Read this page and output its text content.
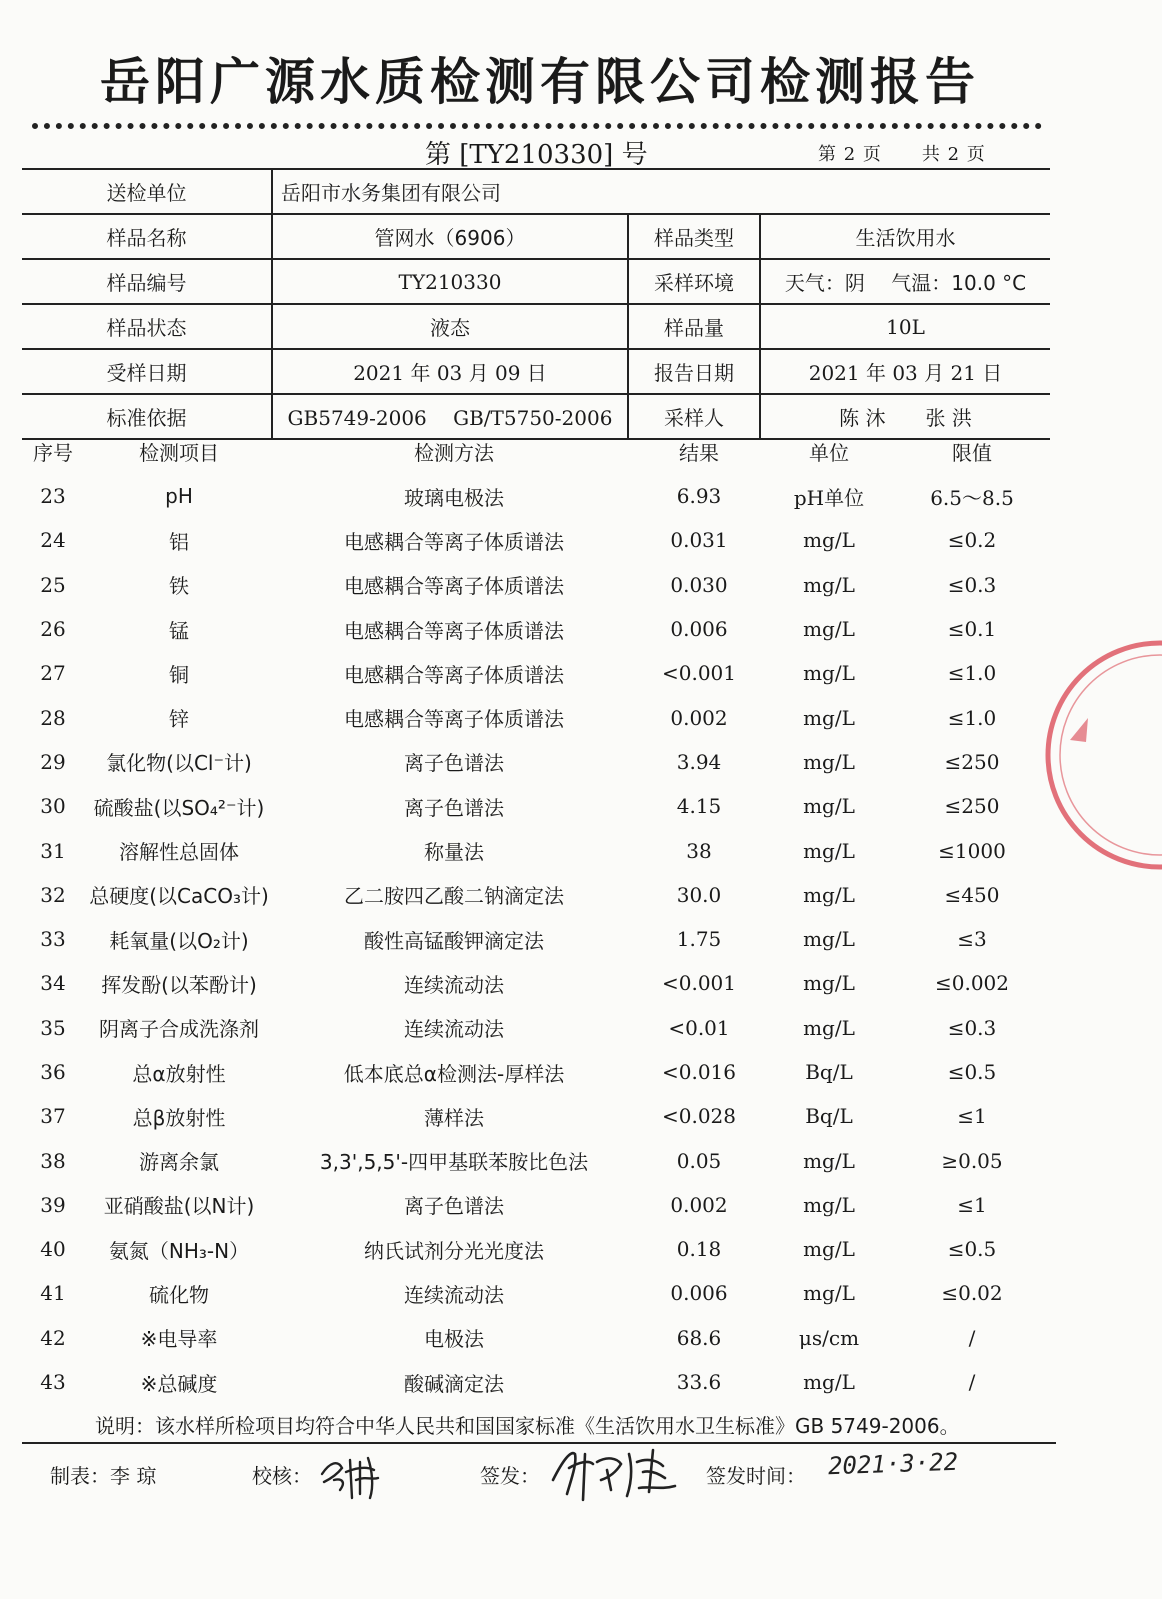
岳阳广源水质检测有限公司检测报告
第 [TY210330] 号	第 2 页 共 2 页
送检单位	岳阳市水务集团有限公司		
样品名称	管网水（6906）	样品类型	生活饮用水
样品编号	TY210330	采样环境	天气：阴　 气温：10.0 °C
样品状态	液态	样品量	10L
受样日期	2021 年 03 月 09 日	报告日期	2021 年 03 月 21 日
标准依据	GB5749-2006　 GB/T5750-2006	采样人	陈 沐　　张 洪
序号	检测项目	检测方法	结果	单位	限值
23	pH	玻璃电极法	6.93	pH单位	6.5～8.5
24	铝	电感耦合等离子体质谱法	0.031	mg/L	≤0.2
25	铁	电感耦合等离子体质谱法	0.030	mg/L	≤0.3
26	锰	电感耦合等离子体质谱法	0.006	mg/L	≤0.1
27	铜	电感耦合等离子体质谱法	<0.001	mg/L	≤1.0
28	锌	电感耦合等离子体质谱法	0.002	mg/L	≤1.0
29	氯化物(以Cl⁻计)	离子色谱法	3.94	mg/L	≤250
30	硫酸盐(以SO₄²⁻计)	离子色谱法	4.15	mg/L	≤250
31	溶解性总固体	称量法	38	mg/L	≤1000
32	总硬度(以CaCO₃计)	乙二胺四乙酸二钠滴定法	30.0	mg/L	≤450
33	耗氧量(以O₂计)	酸性高锰酸钾滴定法	1.75	mg/L	≤3
34	挥发酚(以苯酚计)	连续流动法	<0.001	mg/L	≤0.002
35	阴离子合成洗涤剂	连续流动法	<0.01	mg/L	≤0.3
36	总α放射性	低本底总α检测法-厚样法	<0.016	Bq/L	≤0.5
37	总β放射性	薄样法	<0.028	Bq/L	≤1
38	游离余氯	3,3',5,5'-四甲基联苯胺比色法	0.05	mg/L	≥0.05
39	亚硝酸盐(以N计)	离子色谱法	0.002	mg/L	≤1
40	氨氮（NH₃-N）	纳氏试剂分光光度法	0.18	mg/L	≤0.5
41	硫化物	连续流动法	0.006	mg/L	≤0.02
42	※电导率	电极法	68.6	μs/cm	/
43	※总碱度	酸碱滴定法	33.6	mg/L	/
说明：该水样所检项目均符合中华人民共和国国家标准《生活饮用水卫生标准》GB 5749-2006。
制表：李 琼	校核：	签发：	签发时间： 2021·3·22
